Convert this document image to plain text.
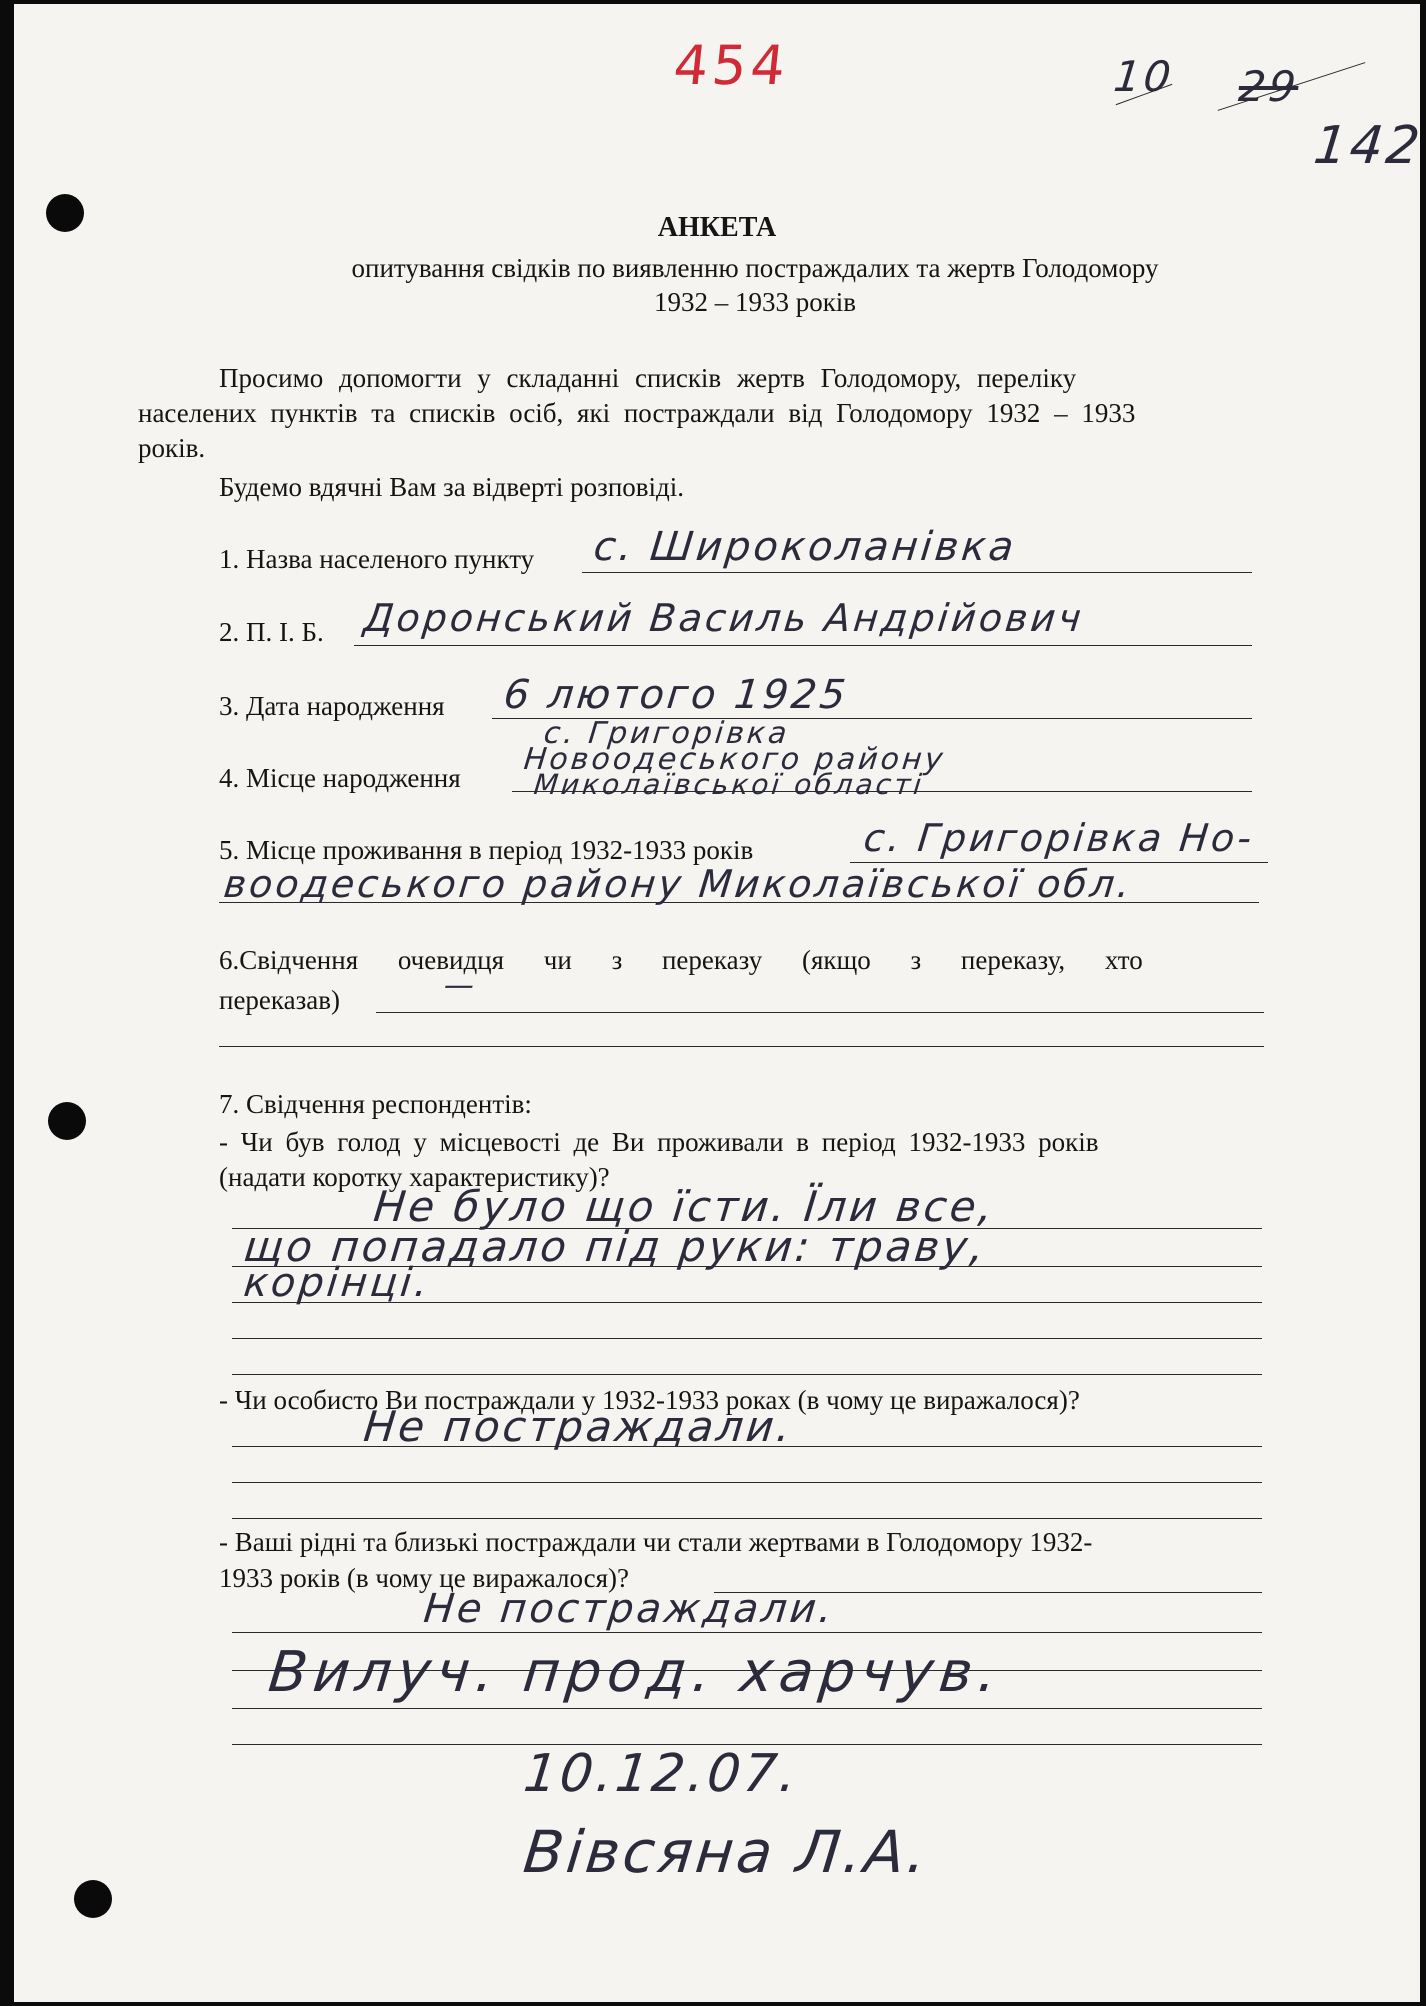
454	10 29
142
АНКЕТА
опитування свідків по виявленню постраждалих та жертв Голодомору
1932 – 1933 років
Просимо допомогти у складанні списків жертв Голодомору, переліку
населених пунктів та списків осіб, які постраждали від Голодомору 1932 – 1933
років.
Будемо вдячні Вам за відверті розповіді.
1. Назва населеного пункту с. Широколанівка
2. П. І. Б. Доронський Василь Андрійович
3. Дата народження 6 лютого 1925
4. Місце народження
с. Григорівка
Новоодеського району
Миколаївської області
5. Місце проживання в період 1932-1933 років	с. Григорівка Но-
воодеського району Миколаївської обл.
6.Свідчення очевидця чи з переказу (якщо з переказу, хто
переказав)	—
7. Свідчення респондентів:
- Чи був голод у місцевості де Ви проживали в період 1932-1933 років
(надати коротку характеристику)?
Не було що їсти. Їли все,
що попадало під руки: траву,
корінці.
- Чи особисто Ви постраждали у 1932-1933 роках (в чому це виражалося)?
Не постраждали.
- Ваші рідні та близькі постраждали чи стали жертвами в Голодомору 1932-
1933 років (в чому це виражалося)?
Не постраждали.
Вилуч. прод. харчув.
10.12.07.
Вівсяна Л.А.
